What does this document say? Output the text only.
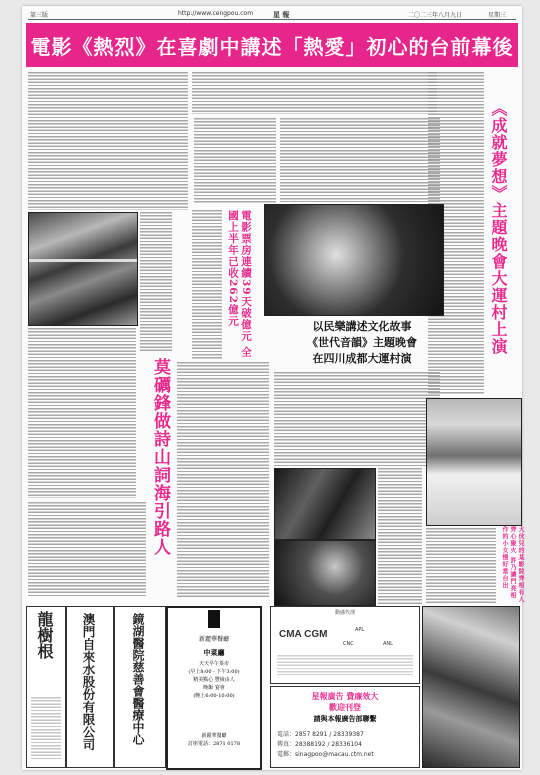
第三版	http://www.cengpou.com	星 報	二〇二三年八月九日	星期三
電影《熱烈》在喜劇中講述「熱愛」初心的台前幕後
《成就夢想》主題晚會大運村上演
電影票房連續39天破億元 全國上半年已收262億元
莫礪鋒做詩山詞海引路人
以民樂講述文化故事
《世代音韻》主題晚會
在四川成都大運村演
大伙兒的某影院齊相有人齊心聚火 許乃讓門亮相作的小女慢好當台出
龍樹根 澳門自來水股份有限公司	鏡湖醫院慈善會醫療中心	新麗華餐廳
中菜廳
天天早午茶市
(早上8:00 - 下午3:00)
精美點心 豐儉由人
晚飯 宴會
(晚上6:00-10:00)
新麗華餐廳
訂座電話：2871 0178
動感代理
CMA CGM	APL
CNC	ANL
星報廣告 費廉效大
歡迎刊登
請與本報廣告部聯繫
電話：2857 8291 / 28339387
傳真：28388192 / 28336104
電郵：sinagpoo@macau.ctm.net
